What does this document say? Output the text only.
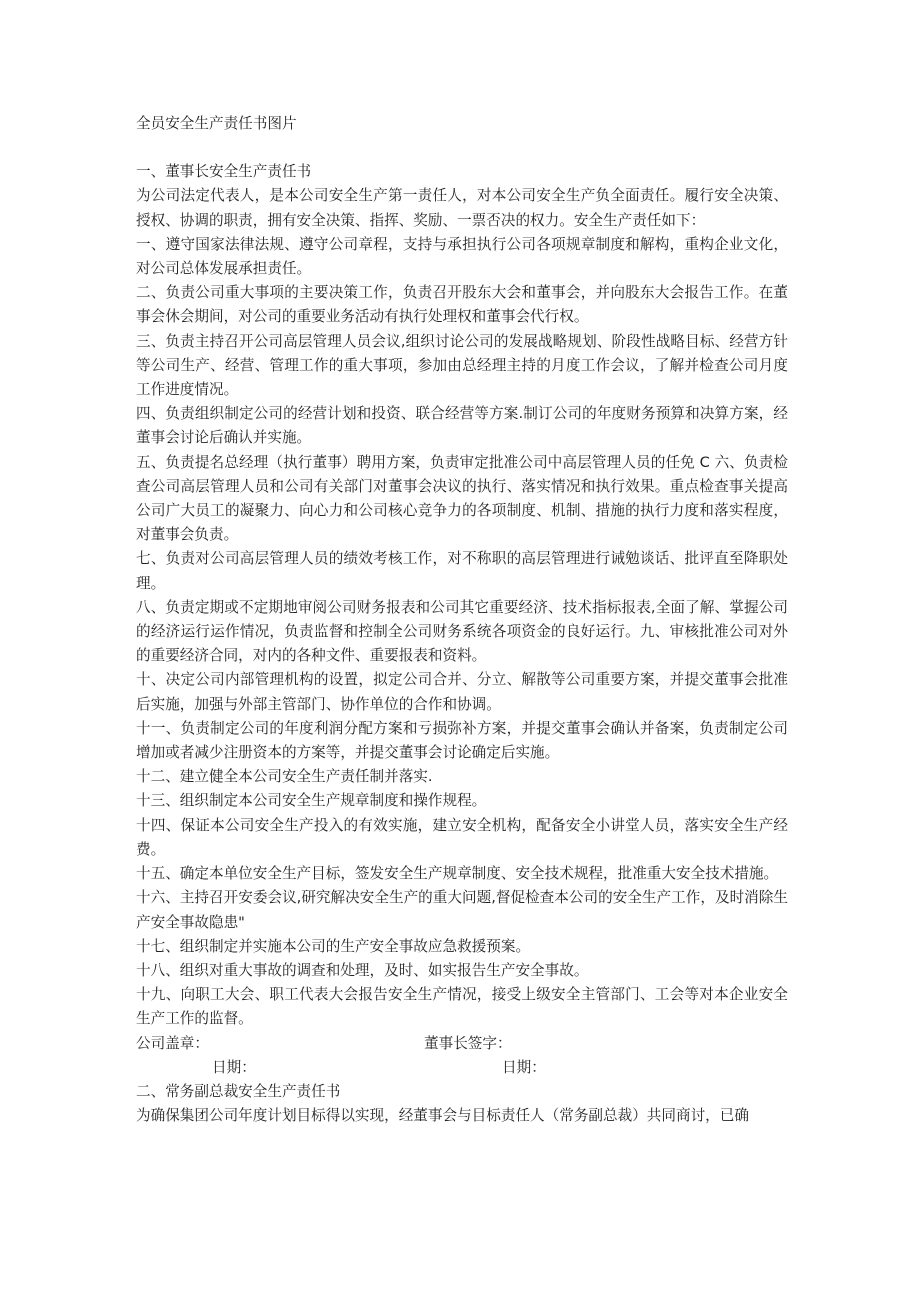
全员安全生产责任书图片

一、董事长安全生产责任书

为公司法定代表人，是本公司安全生产第一责任人，对本公司安全生产负全面责任。履行安全决策、授权、协调的职责，拥有安全决策、指挥、奖励、一票否决的权力。安全生产责任如下：

一、遵守国家法律法规、遵守公司章程，支持与承担执行公司各项规章制度和解构，重构企业文化，对公司总体发展承担责任。

二、负责公司重大事项的主要决策工作，负责召开股东大会和董事会，并向股东大会报告工作。在董事会休会期间，对公司的重要业务活动有执行处理权和董事会代行权。

三、负责主持召开公司高层管理人员会议,组织讨论公司的发展战略规划、阶段性战略目标、经营方针等公司生产、经营、管理工作的重大事项，参加由总经理主持的月度工作会议，了解并检查公司月度工作进度情况。

四、负责组织制定公司的经营计划和投资、联合经营等方案.制订公司的年度财务预算和决算方案，经董事会讨论后确认并实施。

五、负责提名总经理（执行董事）聘用方案，负责审定批准公司中高层管理人员的任免 C 六、负责检查公司高层管理人员和公司有关部门对董事会决议的执行、落实情况和执行效果。重点检查事关提高公司广大员工的凝聚力、向心力和公司核心竞争力的各项制度、机制、措施的执行力度和落实程度，对董事会负责。

七、负责对公司高层管理人员的绩效考核工作，对不称职的高层管理进行诫勉谈话、批评直至降职处理。

八、负责定期或不定期地审阅公司财务报表和公司其它重要经济、技术指标报表,全面了解、掌握公司的经济运行运作情况，负责监督和控制全公司财务系统各项资金的良好运行。九、审核批准公司对外的重要经济合同，对内的各种文件、重要报表和资料。

十、决定公司内部管理机构的设置，拟定公司合并、分立、解散等公司重要方案，并提交董事会批准后实施，加强与外部主管部门、协作单位的合作和协调。

十一、负责制定公司的年度利润分配方案和亏损弥补方案，并提交董事会确认并备案，负责制定公司增加或者减少注册资本的方案等，并提交董事会讨论确定后实施。

十二、建立健全本公司安全生产责任制并落实.

十三、组织制定本公司安全生产规章制度和操作规程。

十四、保证本公司安全生产投入的有效实施，建立安全机构，配备安全小讲堂人员，落实安全生产经费。

十五、确定本单位安全生产目标，签发安全生产规章制度、安全技术规程，批准重大安全技术措施。

十六、主持召开安委会议,研究解决安全生产的重大问题,督促检查本公司的安全生产工作，及时消除生产安全事故隐患"

十七、组织制定并实施本公司的生产安全事故应急救援预案。

十八、组织对重大事故的调查和处理，及时、如实报告生产安全事故。

十九、向职工大会、职工代表大会报告安全生产情况，接受上级安全主管部门、工会等对本企业安全生产工作的监督。

公司盖章：	董事长签字：
日期：	日期：

二、常务副总裁安全生产责任书

为确保集团公司年度计划目标得以实现，经董事会与目标责任人（常务副总裁）共同商讨，已确
